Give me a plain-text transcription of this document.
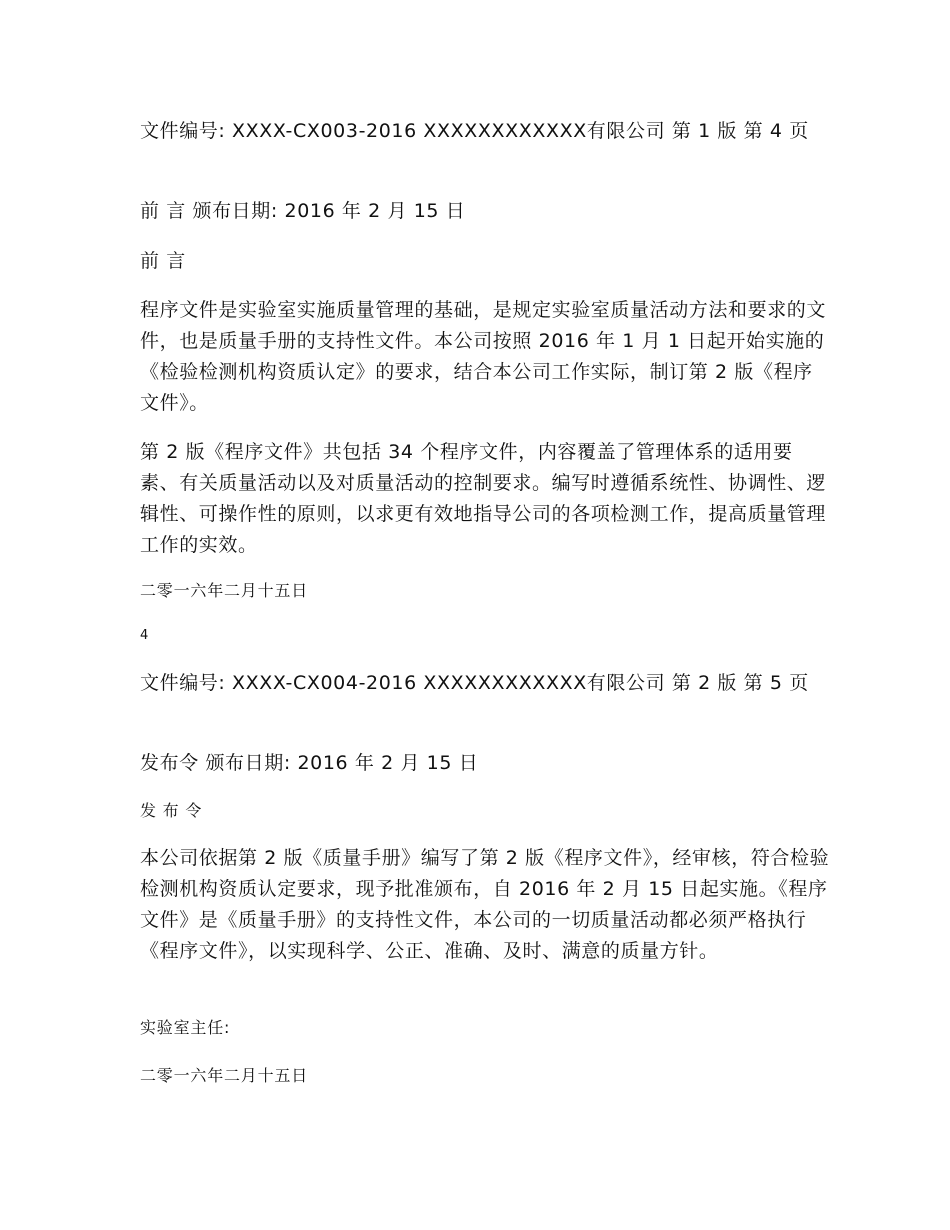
文件编号: XXXX-CX003-2016 XXXXXXXXXXXX有限公司 第 1 版 第 4 页

前 言 颁布日期: 2016 年 2 月 15 日

前 言

程序文件是实验室实施质量管理的基础，是规定实验室质量活动方法和要求的文件，也是质量手册的支持性文件。本公司按照 2016 年 1 月 1 日起开始实施的《检验检测机构资质认定》的要求，结合本公司工作实际，制订第 2 版《程序文件》。

第 2 版《程序文件》共包括 34 个程序文件，内容覆盖了管理体系的适用要素、有关质量活动以及对质量活动的控制要求。编写时遵循系统性、协调性、逻辑性、可操作性的原则，以求更有效地指导公司的各项检测工作，提高质量管理工作的实效。

二零一六年二月十五日

4

文件编号: XXXX-CX004-2016 XXXXXXXXXXXX有限公司 第 2 版 第 5 页

发布令 颁布日期: 2016 年 2 月 15 日

发 布 令

本公司依据第 2 版《质量手册》编写了第 2 版《程序文件》，经审核，符合检验检测机构资质认定要求，现予批准颁布，自 2016 年 2 月 15 日起实施。《程序文件》是《质量手册》的支持性文件，本公司的一切质量活动都必须严格执行《程序文件》，以实现科学、公正、准确、及时、满意的质量方针。

实验室主任:

二零一六年二月十五日
